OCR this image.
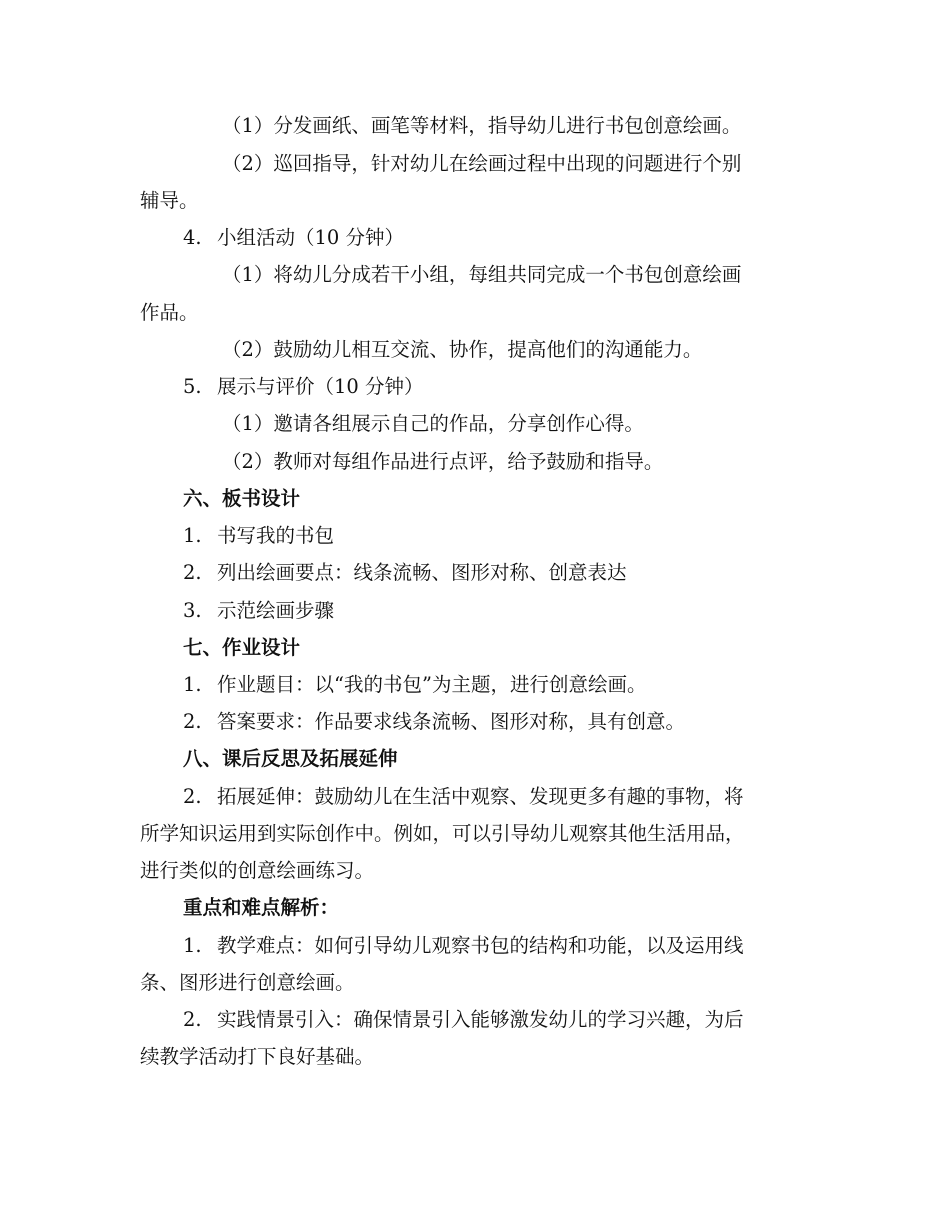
（1）分发画纸、画笔等材料，指导幼儿进行书包创意绘画。
（2）巡回指导，针对幼儿在绘画过程中出现的问题进行个别
辅导。
4. 小组活动（10 分钟）
（1）将幼儿分成若干小组，每组共同完成一个书包创意绘画
作品。
（2）鼓励幼儿相互交流、协作，提高他们的沟通能力。
5. 展示与评价（10 分钟）
（1）邀请各组展示自己的作品，分享创作心得。
（2）教师对每组作品进行点评，给予鼓励和指导。
六、板书设计
1. 书写我的书包
2. 列出绘画要点：线条流畅、图形对称、创意表达
3. 示范绘画步骤
七、作业设计
1. 作业题目：以“我的书包”为主题，进行创意绘画。
2. 答案要求：作品要求线条流畅、图形对称，具有创意。
八、课后反思及拓展延伸
2. 拓展延伸：鼓励幼儿在生活中观察、发现更多有趣的事物，将
所学知识运用到实际创作中。例如，可以引导幼儿观察其他生活用品，
进行类似的创意绘画练习。
重点和难点解析：
1. 教学难点：如何引导幼儿观察书包的结构和功能，以及运用线
条、图形进行创意绘画。
2. 实践情景引入：确保情景引入能够激发幼儿的学习兴趣，为后
续教学活动打下良好基础。
